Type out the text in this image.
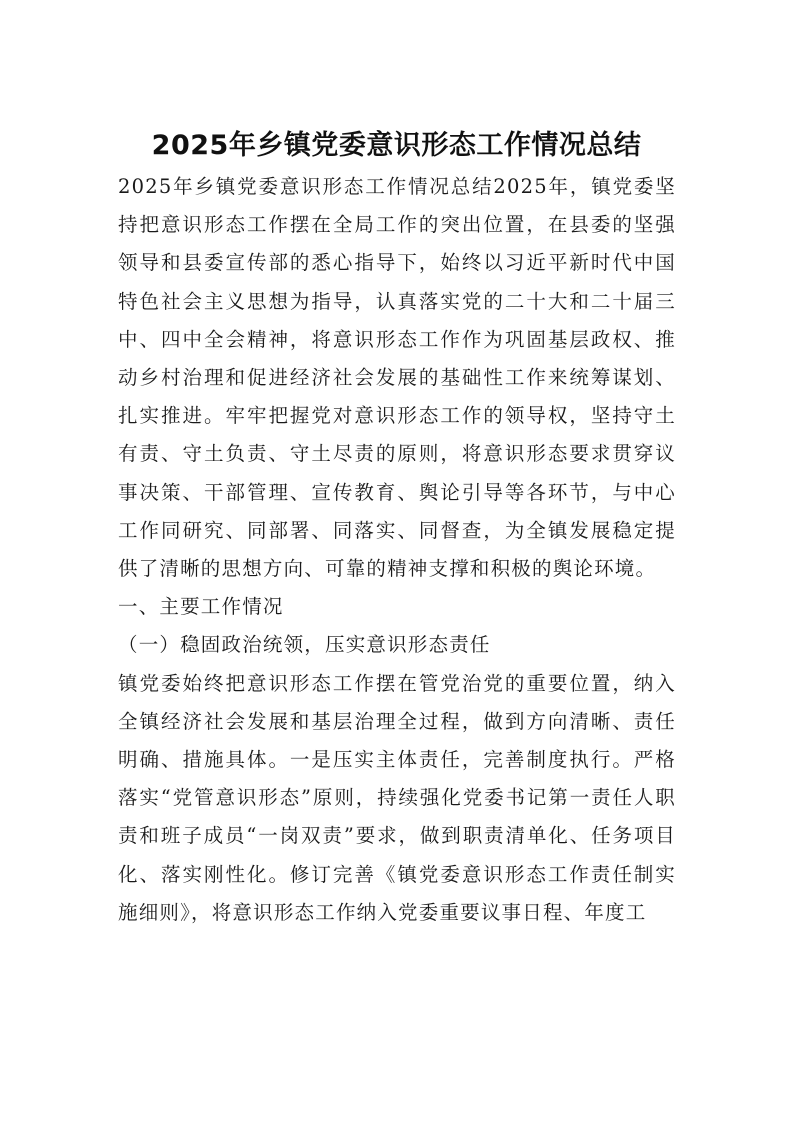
2025年乡镇党委意识形态工作情况总结

2025年乡镇党委意识形态工作情况总结2025年，镇党委坚持把意识形态工作摆在全局工作的突出位置，在县委的坚强领导和县委宣传部的悉心指导下，始终以习近平新时代中国特色社会主义思想为指导，认真落实党的二十大和二十届三中、四中全会精神，将意识形态工作作为巩固基层政权、推动乡村治理和促进经济社会发展的基础性工作来统筹谋划、扎实推进。牢牢把握党对意识形态工作的领导权，坚持守土有责、守土负责、守土尽责的原则，将意识形态要求贯穿议事决策、干部管理、宣传教育、舆论引导等各环节，与中心工作同研究、同部署、同落实、同督查，为全镇发展稳定提供了清晰的思想方向、可靠的精神支撑和积极的舆论环境。

一、主要工作情况

（一）稳固政治统领，压实意识形态责任

镇党委始终把意识形态工作摆在管党治党的重要位置，纳入全镇经济社会发展和基层治理全过程，做到方向清晰、责任明确、措施具体。一是压实主体责任，完善制度执行。严格落实“党管意识形态”原则，持续强化党委书记第一责任人职责和班子成员“一岗双责”要求，做到职责清单化、任务项目化、落实刚性化。修订完善《镇党委意识形态工作责任制实施细则》，将意识形态工作纳入党委重要议事日程、年度工
